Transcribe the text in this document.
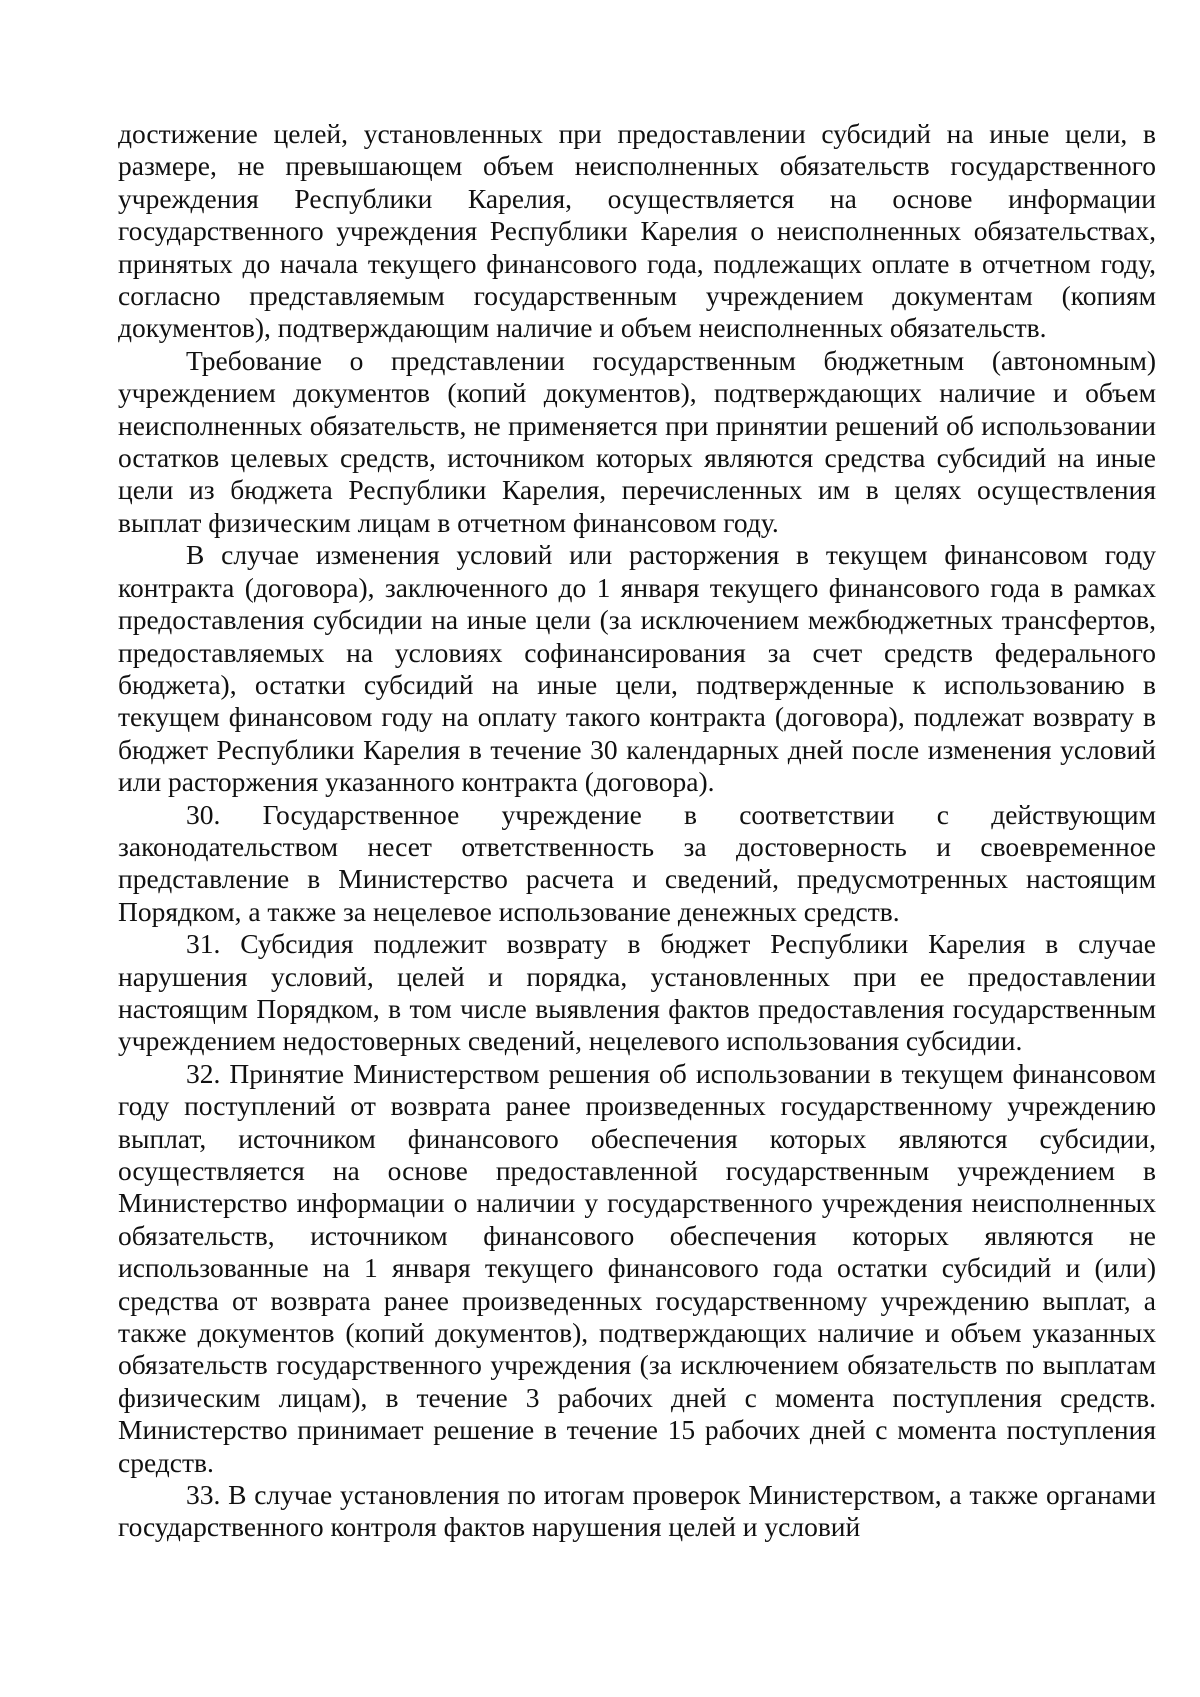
достижение целей, установленных при предоставлении субсидий на иные цели, в размере, не превышающем объем неисполненных обязательств государственного учреждения Республики Карелия, осуществляется на основе информации государственного учреждения Республики Карелия о неисполненных обязательствах, принятых до начала текущего финансового года, подлежащих оплате в отчетном году, согласно представляемым государственным учреждением документам (копиям документов), подтверждающим наличие и объем неисполненных обязательств.

Требование о представлении государственным бюджетным (автономным) учреждением документов (копий документов), подтверждающих наличие и объем неисполненных обязательств, не применяется при принятии решений об использовании остатков целевых средств, источником которых являются средства субсидий на иные цели из бюджета Республики Карелия, перечисленных им в целях осуществления выплат физическим лицам в отчетном финансовом году.

В случае изменения условий или расторжения в текущем финансовом году контракта (договора), заключенного до 1 января текущего финансового года в рамках предоставления субсидии на иные цели (за исключением межбюджетных трансфертов, предоставляемых на условиях софинансирования за счет средств федерального бюджета), остатки субсидий на иные цели, подтвержденные к использованию в текущем финансовом году на оплату такого контракта (договора), подлежат возврату в бюджет Республики Карелия в течение 30 календарных дней после изменения условий или расторжения указанного контракта (договора).

30. Государственное учреждение в соответствии с действующим законодательством несет ответственность за достоверность и своевременное представление в Министерство расчета и сведений, предусмотренных настоящим Порядком, а также за нецелевое использование денежных средств.

31. Субсидия подлежит возврату в бюджет Республики Карелия в случае нарушения условий, целей и порядка, установленных при ее предоставлении настоящим Порядком, в том числе выявления фактов предоставления государственным учреждением недостоверных сведений, нецелевого использования субсидии.

32. Принятие Министерством решения об использовании в текущем финансовом году поступлений от возврата ранее произведенных государственному учреждению выплат, источником финансового обеспечения которых являются субсидии, осуществляется на основе предоставленной государственным учреждением в Министерство информации о наличии у государственного учреждения неисполненных обязательств, источником финансового обеспечения которых являются не использованные на 1 января текущего финансового года остатки субсидий и (или) средства от возврата ранее произведенных государственному учреждению выплат, а также документов (копий документов), подтверждающих наличие и объем указанных обязательств государственного учреждения (за исключением обязательств по выплатам физическим лицам), в течение 3 рабочих дней с момента поступления средств. Министерство принимает решение в течение 15 рабочих дней с момента поступления средств.

33. В случае установления по итогам проверок Министерством, а также органами государственного контроля фактов нарушения целей и условий
